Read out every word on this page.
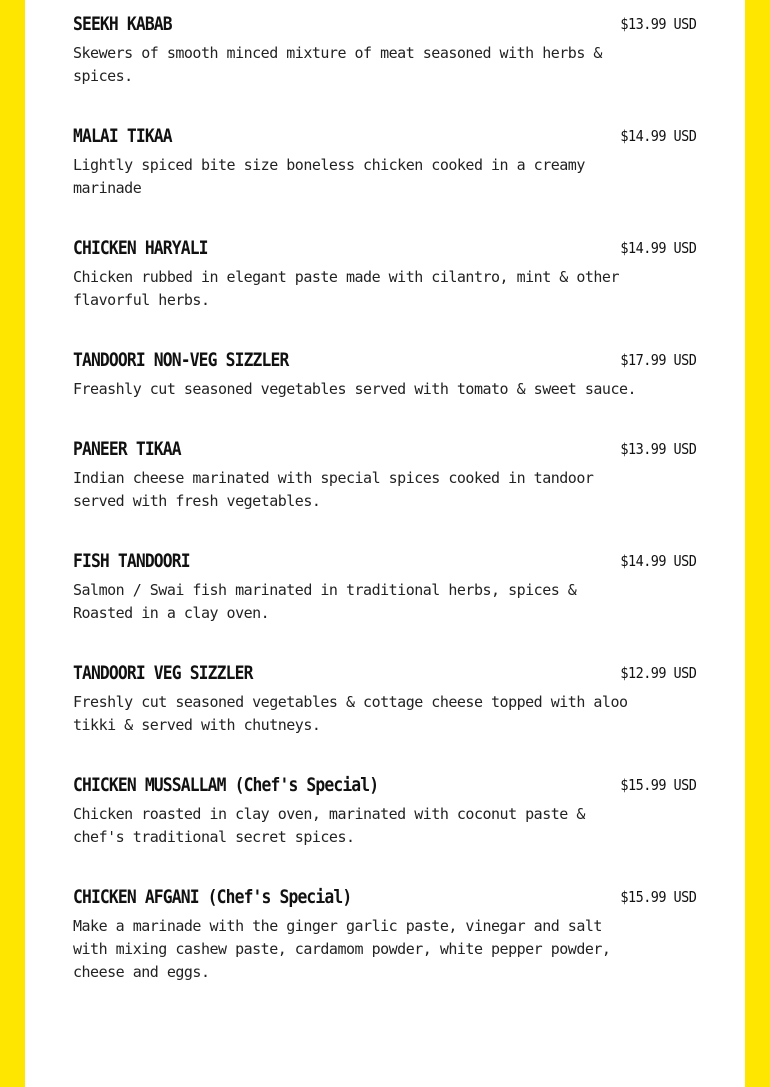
SEEKH KABAB	$13.99 USD

Skewers of smooth minced mixture of meat seasoned with herbs & spices.

MALAI TIKAA	$14.99 USD

Lightly spiced bite size boneless chicken cooked in a creamy marinade

CHICKEN HARYALI	$14.99 USD

Chicken rubbed in elegant paste made with cilantro, mint & other flavorful herbs.

TANDOORI NON-VEG SIZZLER	$17.99 USD

Freashly cut seasoned vegetables served with tomato & sweet sauce.

PANEER TIKAA	$13.99 USD

Indian cheese marinated with special spices cooked in tandoor served with fresh vegetables.

FISH TANDOORI	$14.99 USD

Salmon / Swai fish marinated in traditional herbs, spices & Roasted in a clay oven.

TANDOORI VEG SIZZLER	$12.99 USD

Freshly cut seasoned vegetables & cottage cheese topped with aloo tikki & served with chutneys.

CHICKEN MUSSALLAM (Chef's Special)	$15.99 USD

Chicken roasted in clay oven, marinated with coconut paste & chef's traditional secret spices.

CHICKEN AFGANI (Chef's Special)	$15.99 USD

Make a marinade with the ginger garlic paste, vinegar and salt with mixing cashew paste, cardamom powder, white pepper powder, cheese and eggs.
